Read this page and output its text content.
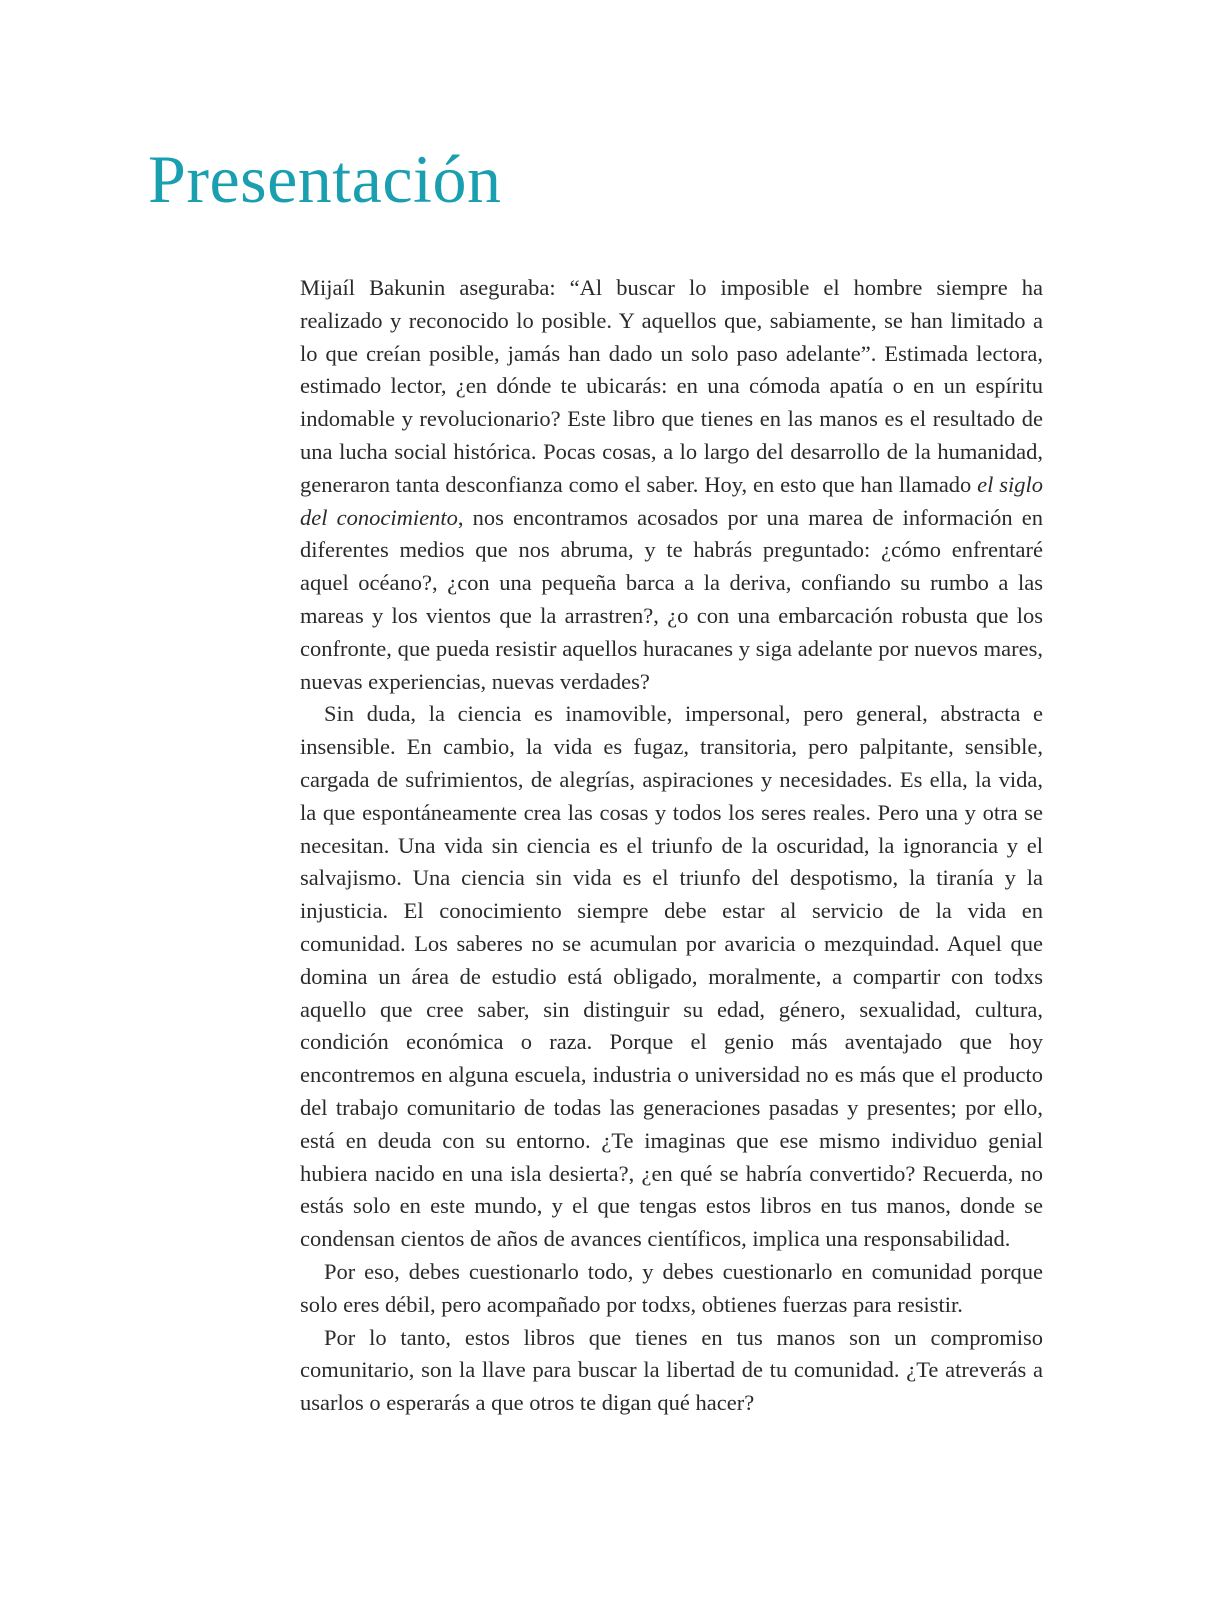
Presentación

Mijaíl Bakunin aseguraba: “Al buscar lo imposible el hombre siempre ha realizado y reconocido lo posible. Y aquellos que, sabiamente, se han limitado a lo que creían posible, jamás han dado un solo paso adelante”. Estimada lectora, estimado lector, ¿en dónde te ubicarás: en una cómoda apatía o en un espíritu indomable y revolucionario? Este libro que tienes en las manos es el resultado de una lucha social histórica. Pocas cosas, a lo largo del desarrollo de la humanidad, generaron tanta desconfianza como el saber. Hoy, en esto que han llamado el siglo del conocimiento, nos encontramos acosados por una marea de información en diferentes medios que nos abruma, y te habrás preguntado: ¿cómo enfrentaré aquel océano?, ¿con una pequeña barca a la deriva, confiando su rumbo a las mareas y los vientos que la arrastren?, ¿o con una embarcación robusta que los confronte, que pueda resistir aquellos huracanes y siga adelante por nuevos mares, nuevas experiencias, nuevas verdades?

Sin duda, la ciencia es inamovible, impersonal, pero general, abstracta e insensible. En cambio, la vida es fugaz, transitoria, pero palpitante, sensible, cargada de sufrimientos, de alegrías, aspiraciones y necesidades. Es ella, la vida, la que espontáneamente crea las cosas y todos los seres reales. Pero una y otra se necesitan. Una vida sin ciencia es el triunfo de la oscuridad, la ignorancia y el salvajismo. Una ciencia sin vida es el triunfo del despotismo, la tiranía y la injusticia. El conocimiento siempre debe estar al servicio de la vida en comunidad. Los saberes no se acumulan por avaricia o mezquindad. Aquel que domina un área de estudio está obligado, moralmente, a compartir con todxs aquello que cree saber, sin distinguir su edad, género, sexualidad, cultura, condición económica o raza. Porque el genio más aventajado que hoy encontremos en alguna escuela, industria o universidad no es más que el producto del trabajo comunitario de todas las generaciones pasadas y presentes; por ello, está en deuda con su entorno. ¿Te imaginas que ese mismo individuo genial hubiera nacido en una isla desierta?, ¿en qué se habría convertido? Recuerda, no estás solo en este mundo, y el que tengas estos libros en tus manos, donde se condensan cientos de años de avances científicos, implica una responsabilidad.

Por eso, debes cuestionarlo todo, y debes cuestionarlo en comunidad porque solo eres débil, pero acompañado por todxs, obtienes fuerzas para resistir.

Por lo tanto, estos libros que tienes en tus manos son un compromiso comunitario, son la llave para buscar la libertad de tu comunidad. ¿Te atreverás a usarlos o esperarás a que otros te digan qué hacer?
